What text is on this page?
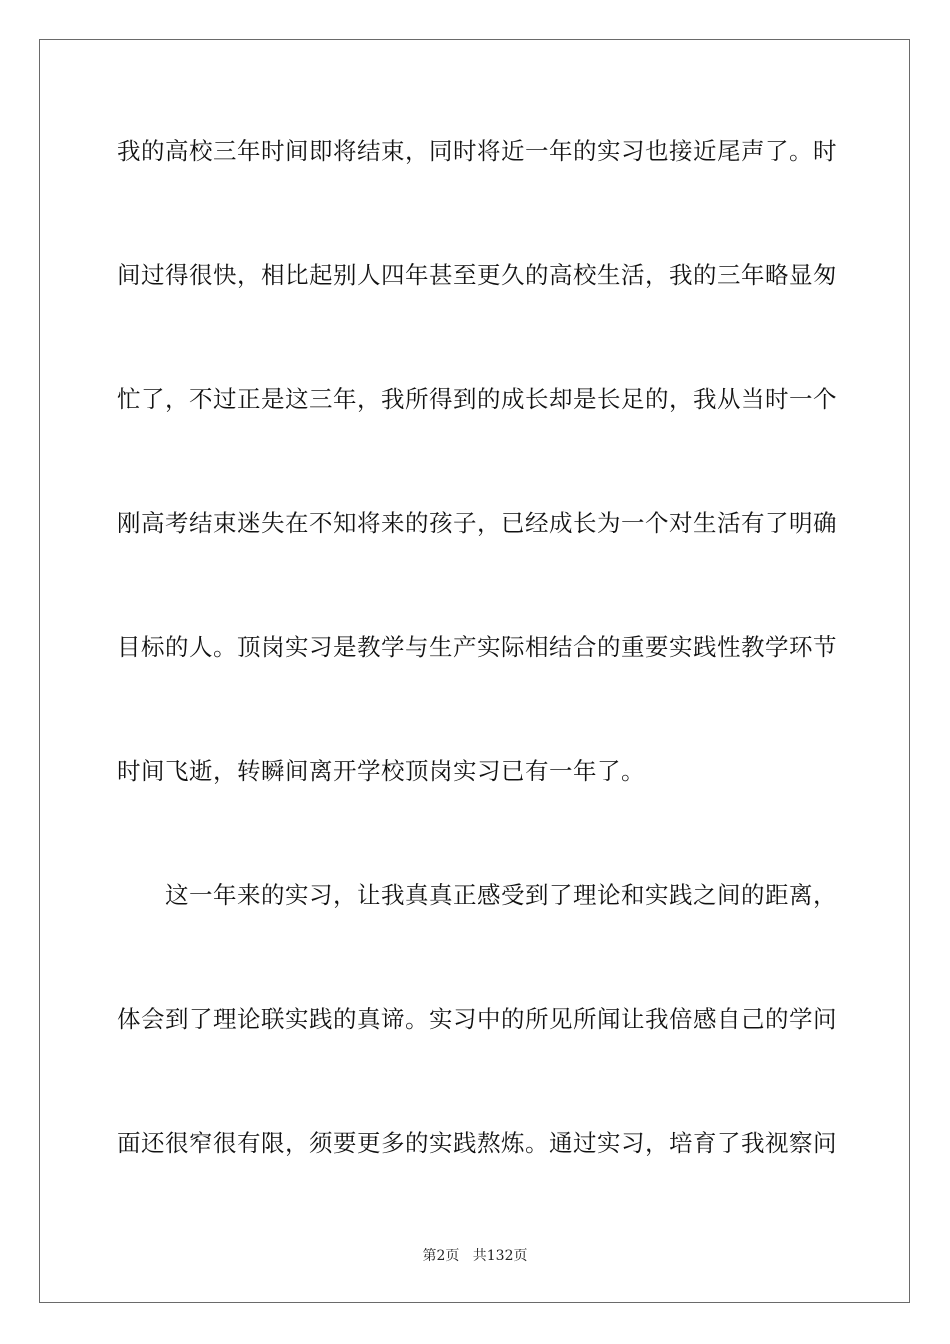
我的高校三年时间即将结束，同时将近一年的实习也接近尾声了。时
间过得很快，相比起别人四年甚至更久的高校生活，我的三年略显匆
忙了，不过正是这三年，我所得到的成长却是长足的，我从当时一个
刚高考结束迷失在不知将来的孩子，已经成长为一个对生活有了明确
目标的人。顶岗实习是教学与生产实际相结合的重要实践性教学环节
时间飞逝，转瞬间离开学校顶岗实习已有一年了。
这一年来的实习，让我真真正感受到了理论和实践之间的距离，
体会到了理论联实践的真谛。实习中的所见所闻让我倍感自己的学问
面还很窄很有限，须要更多的实践熬炼。通过实习，培育了我视察问
第2页 共132页
